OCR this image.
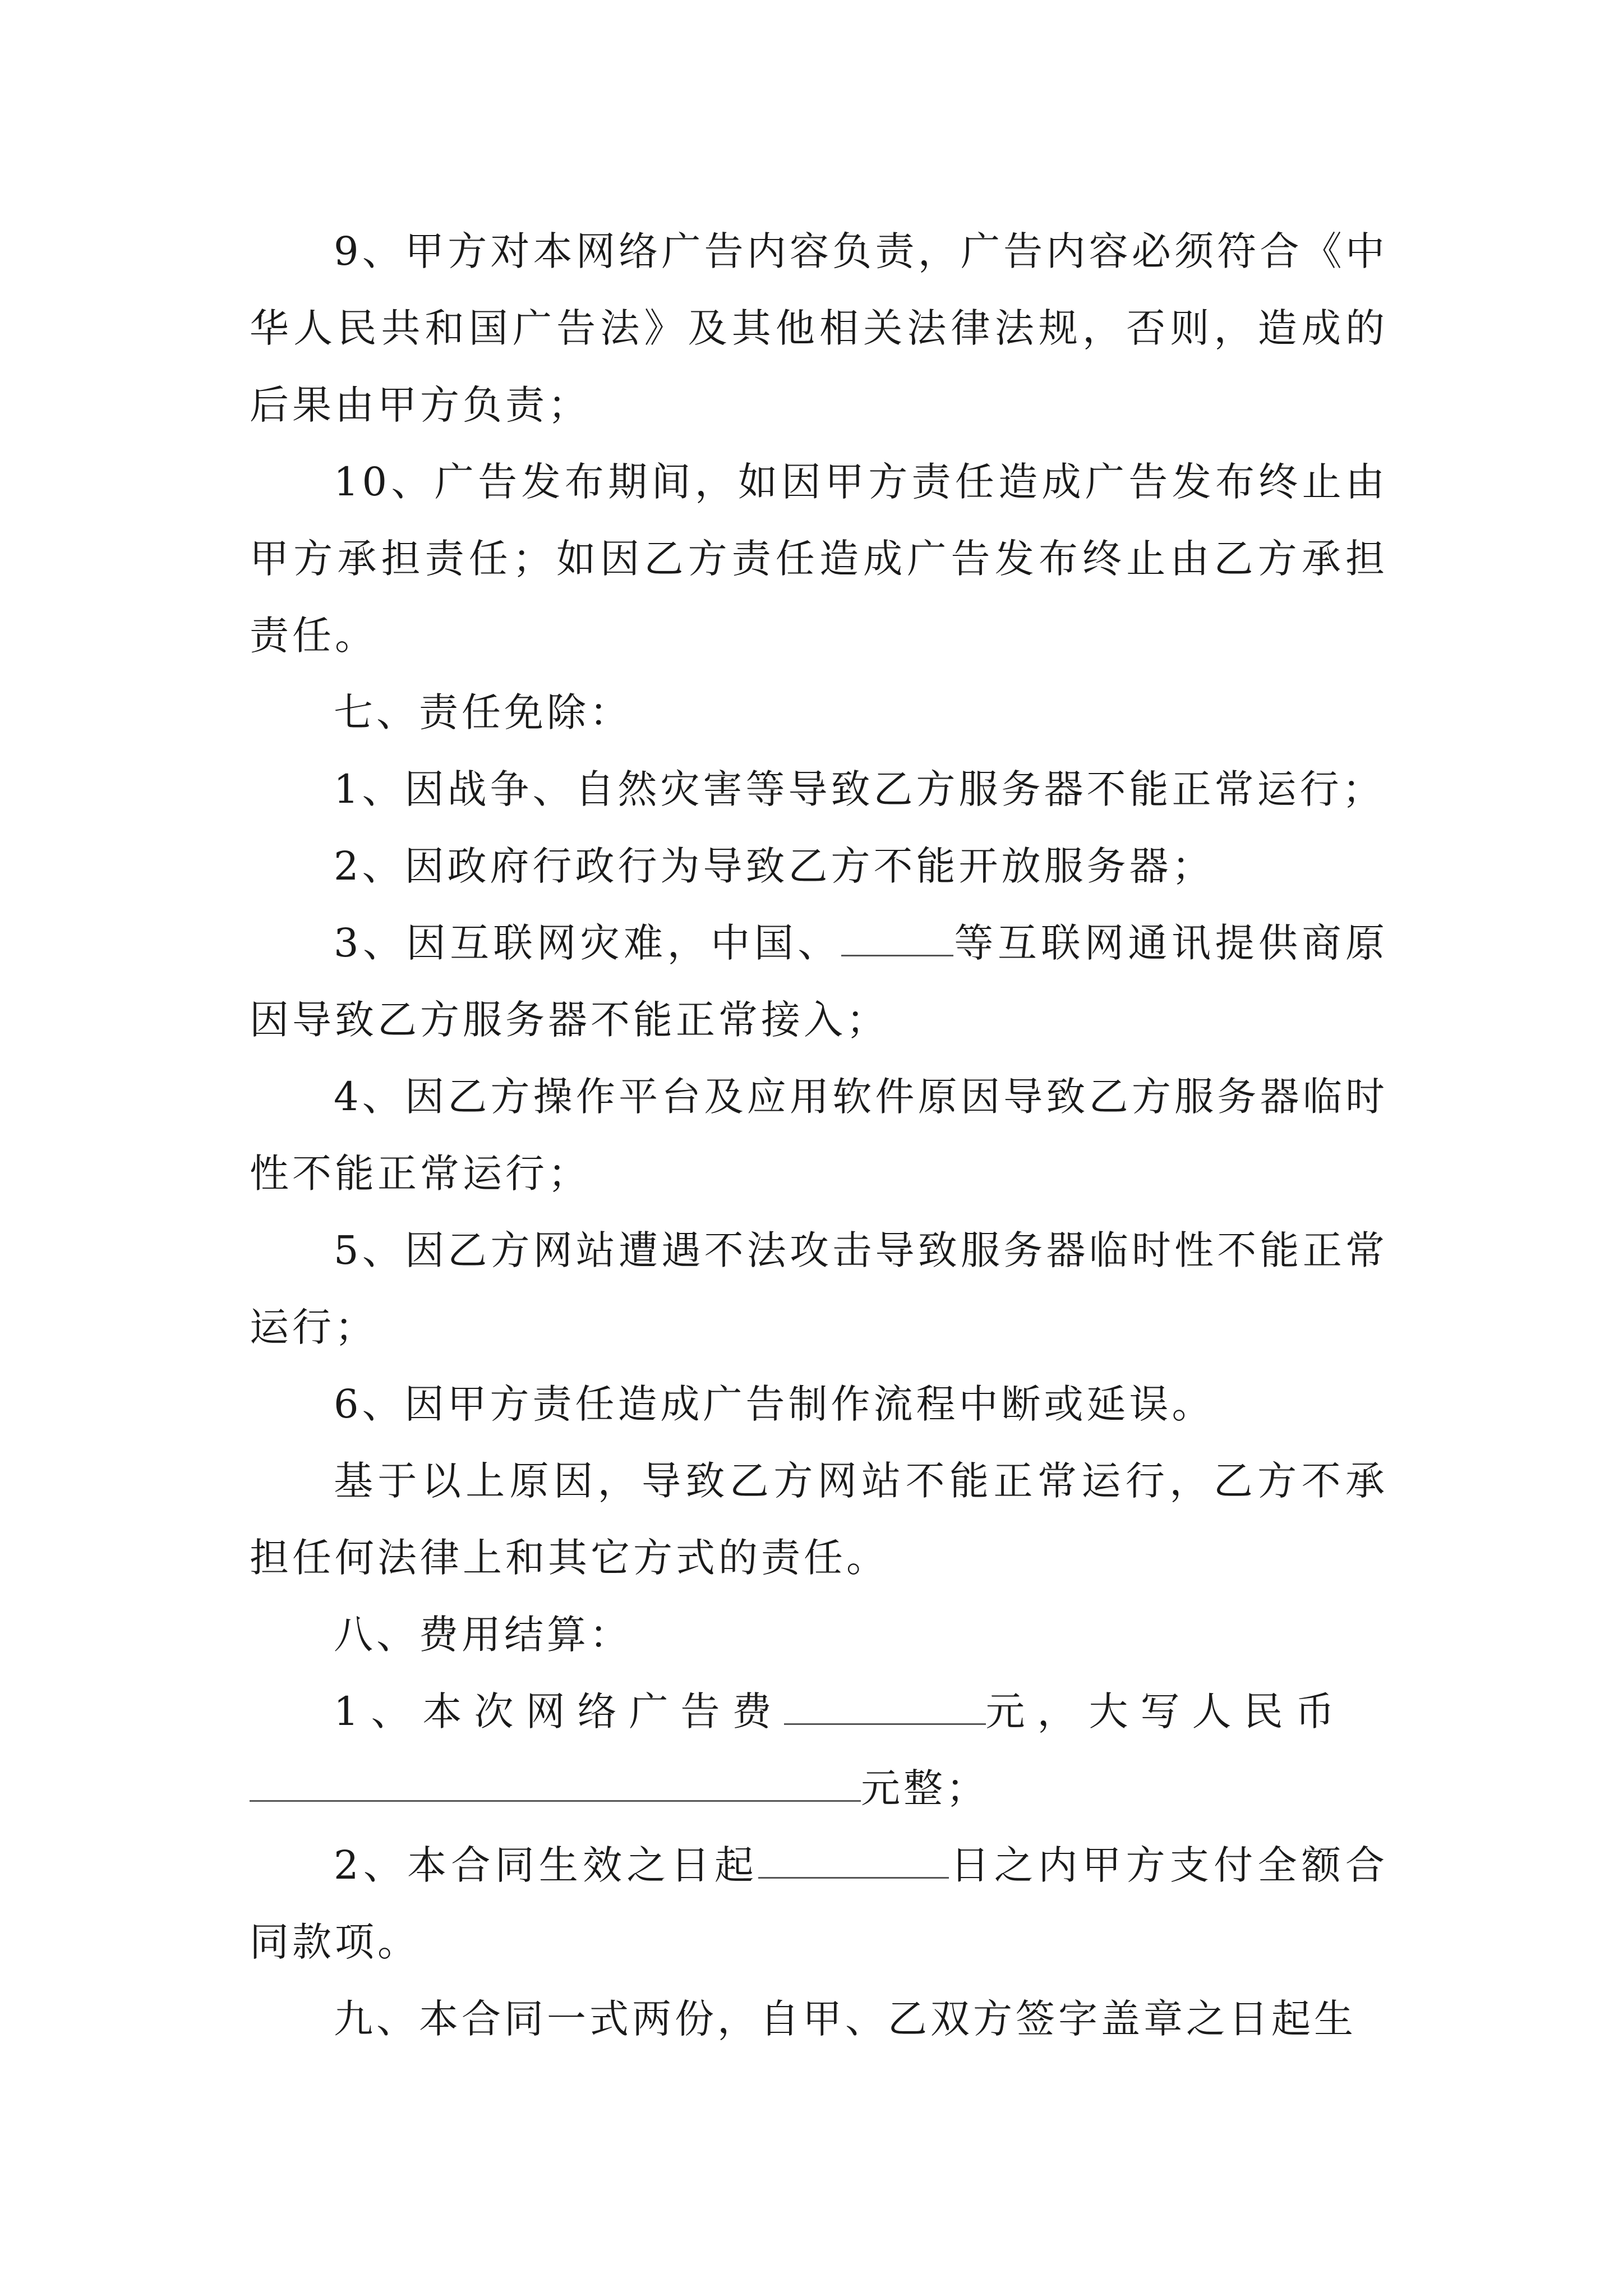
9、甲方对本网络广告内容负责，广告内容必须符合《中华人民共和国广告法》及其他相关法律法规，否则，造成的后果由甲方负责；

10、广告发布期间，如因甲方责任造成广告发布终止由甲方承担责任；如因乙方责任造成广告发布终止由乙方承担责任。

七、责任免除：

1、因战争、自然灾害等导致乙方服务器不能正常运行；

2、因政府行政行为导致乙方不能开放服务器；

3、因互联网灾难，中国、	等互联网通讯提供商原因导致乙方服务器不能正常接入；

4、因乙方操作平台及应用软件原因导致乙方服务器临时性不能正常运行；

5、因乙方网站遭遇不法攻击导致服务器临时性不能正常运行；

6、因甲方责任造成广告制作流程中断或延误。

基于以上原因，导致乙方网站不能正常运行，乙方不承担任何法律上和其它方式的责任。

八、费用结算：

1、本次网络广告费	元，大写人民币

元整；

2、本合同生效之日起	日之内甲方支付全额合同款项。

九、本合同一式两份，自甲、乙双方签字盖章之日起生
